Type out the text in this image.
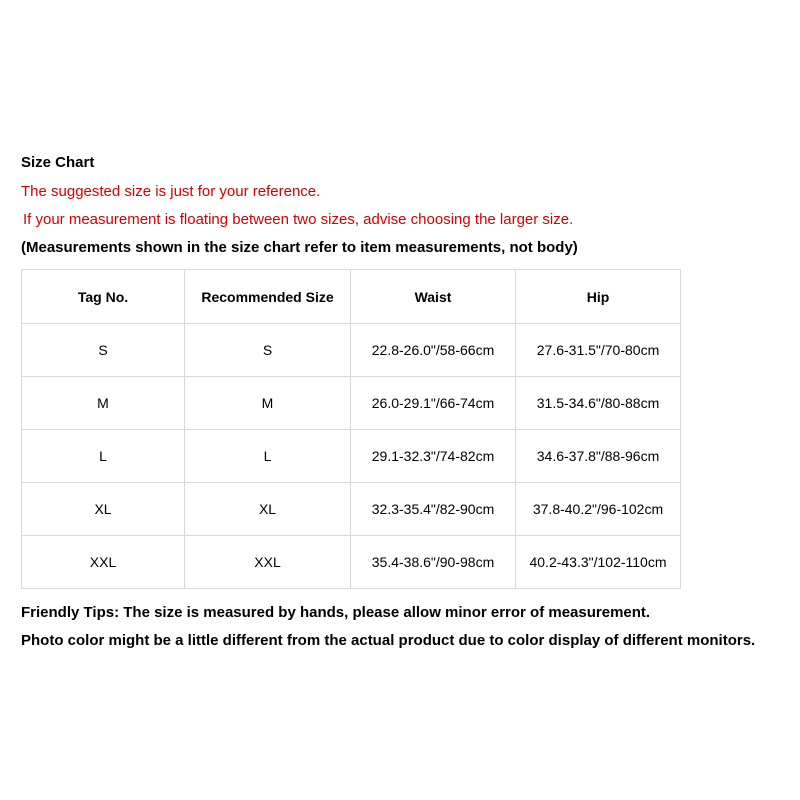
Size Chart
The suggested size is just for your reference.
If your measurement is floating between two sizes, advise choosing the larger size.
(Measurements shown in the size chart refer to item measurements, not body)
Tag No.	Recommended Size	Waist	Hip
S	S	22.8-26.0"/58-66cm	27.6-31.5"/70-80cm
M	M	26.0-29.1"/66-74cm	31.5-34.6"/80-88cm
L	L	29.1-32.3"/74-82cm	34.6-37.8"/88-96cm
XL	XL	32.3-35.4"/82-90cm	37.8-40.2"/96-102cm
XXL	XXL	35.4-38.6"/90-98cm	40.2-43.3"/102-110cm
Friendly Tips: The size is measured by hands, please allow minor error of measurement.
Photo color might be a little different from the actual product due to color display of different monitors.
